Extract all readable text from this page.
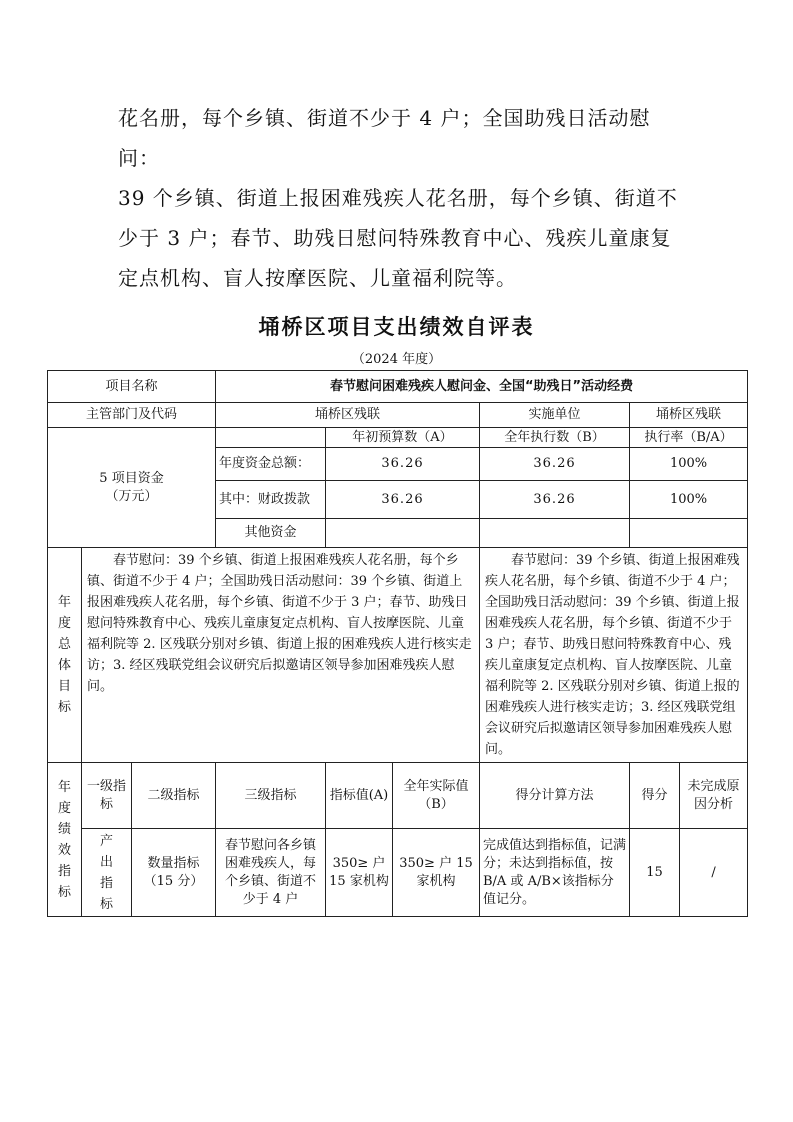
花名册，每个乡镇、街道不少于 4 户；全国助残日活动慰问：

39 个乡镇、街道上报困难残疾人花名册，每个乡镇、街道不

少于 3 户；春节、助残日慰问特殊教育中心、残疾儿童康复

定点机构、盲人按摩医院、儿童福利院等。

埇桥区项目支出绩效自评表
（2024 年度）
项目名称			春节慰问困难残疾人慰问金、全国“助残日”活动经费					
主管部门及代码			埇桥区残联			实施单位	埇桥区残联	

5 项目资金
（万元）				年初预算数（A）		全年执行数（B）	执行率（B/A）	
			年度资金总额：	36.26		36.26	100%	
			其中：财政拨款	36.26		36.26	100%	
			其他资金					
年度总体目标	春节慰问：39 个乡镇、街道上报困难残疾人花名册，每个乡镇、街道不少于 4 户；全国助残日活动慰问：39 个乡镇、街道上报困难残疾人花名册，每个乡镇、街道不少于 3 户；春节、助残日慰问特殊教育中心、残疾儿童康复定点机构、盲人按摩医院、儿童福利院等 2. 区残联分别对乡镇、街道上报的困难残疾人进行核实走访；3. 经区残联党组会议研究后拟邀请区领导参加困难残疾人慰问。					春节慰问：39 个乡镇、街道上报困难残疾人花名册，每个乡镇、街道不少于 4 户；全国助残日活动慰问：39 个乡镇、街道上报困难残疾人花名册，每个乡镇、街道不少于 3 户；春节、助残日慰问特殊教育中心、残疾儿童康复定点机构、盲人按摩医院、儿童福利院等 2. 区残联分别对乡镇、街道上报的困难残疾人进行核实走访；3. 经区残联党组会议研究后拟邀请区领导参加困难残疾人慰问。		
年度绩效指标	一级指标	二级指标	三级指标	指标值(A)	全年实际值（B）	得分计算方法	得分	未完成原因分析
	产出指标	数量指标（15 分）	春节慰问各乡镇困难残疾人，每个乡镇、街道不少于 4 户	350≥ 户 15 家机构	350≥ 户 15 家机构	完成值达到指标值，记满分；未达到指标值，按 B/A 或 A/B×该指标分值记分。	15	/
